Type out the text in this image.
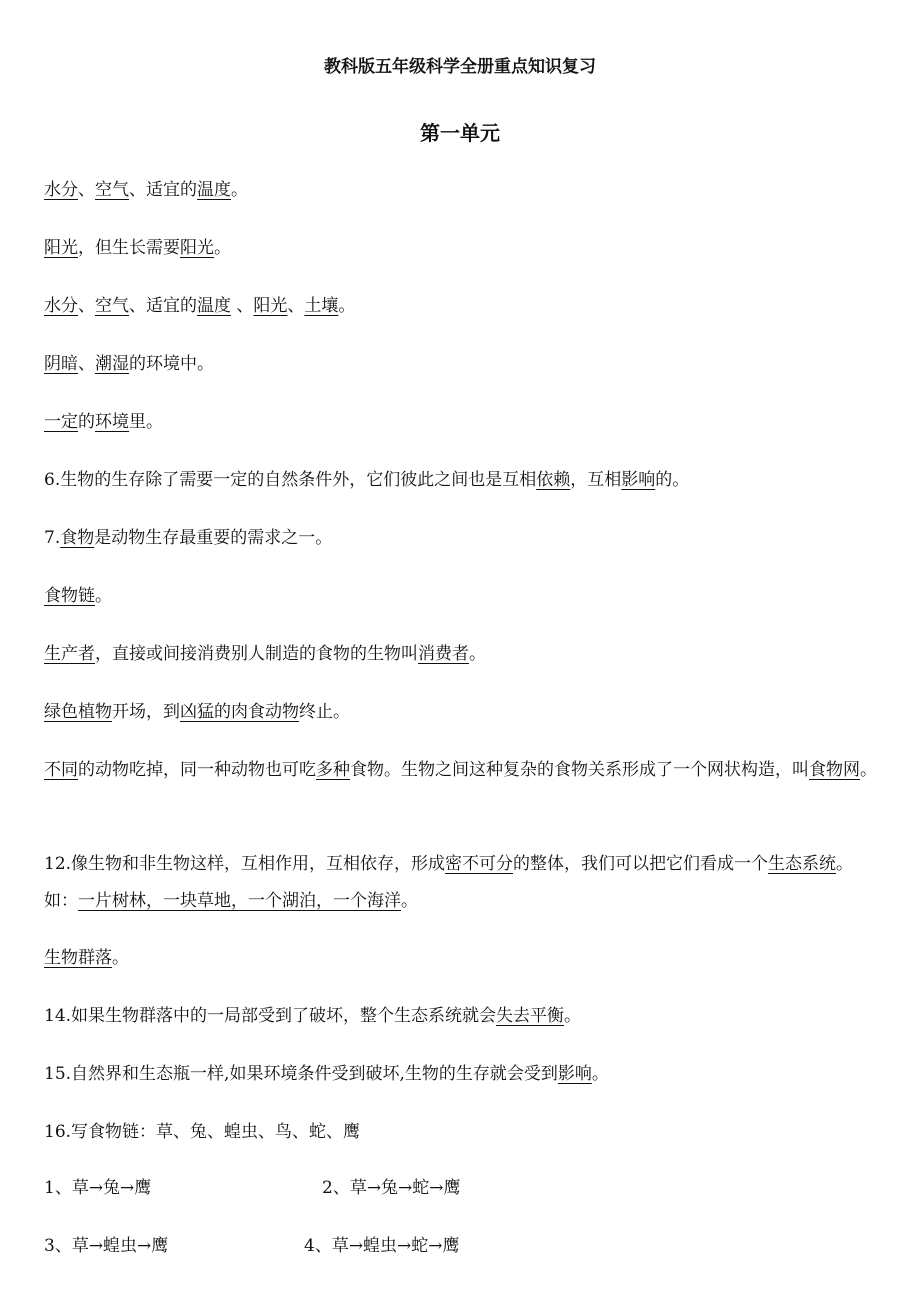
教科版五年级科学全册重点知识复习
第一单元
水分、空气、适宜的温度。
阳光，但生长需要阳光。
水分、空气、适宜的温度 、阳光、土壤。
阴暗、潮湿的环境中。
一定的环境里。
6.生物的生存除了需要一定的自然条件外，它们彼此之间也是互相依赖，互相影响的。
7.食物是动物生存最重要的需求之一。
食物链。
生产者，直接或间接消费别人制造的食物的生物叫消费者。
绿色植物开场，到凶猛的肉食动物终止。
不同的动物吃掉，同一种动物也可吃多种食物。生物之间这种复杂的食物关系形成了一个网状构造，叫食物网。
12.像生物和非生物这样，互相作用，互相依存，形成密不可分的整体，我们可以把它们看成一个生态系统。如：一片树林，一块草地，一个湖泊，一个海洋。
生物群落。
14.如果生物群落中的一局部受到了破坏，整个生态系统就会失去平衡。
15.自然界和生态瓶一样,如果环境条件受到破坏,生物的生存就会受到影响。
16.写食物链：草、兔、蝗虫、鸟、蛇、鹰
1、草→兔→鹰	2、草→兔→蛇→鹰
3、草→蝗虫→鹰	4、草→蝗虫→蛇→鹰
